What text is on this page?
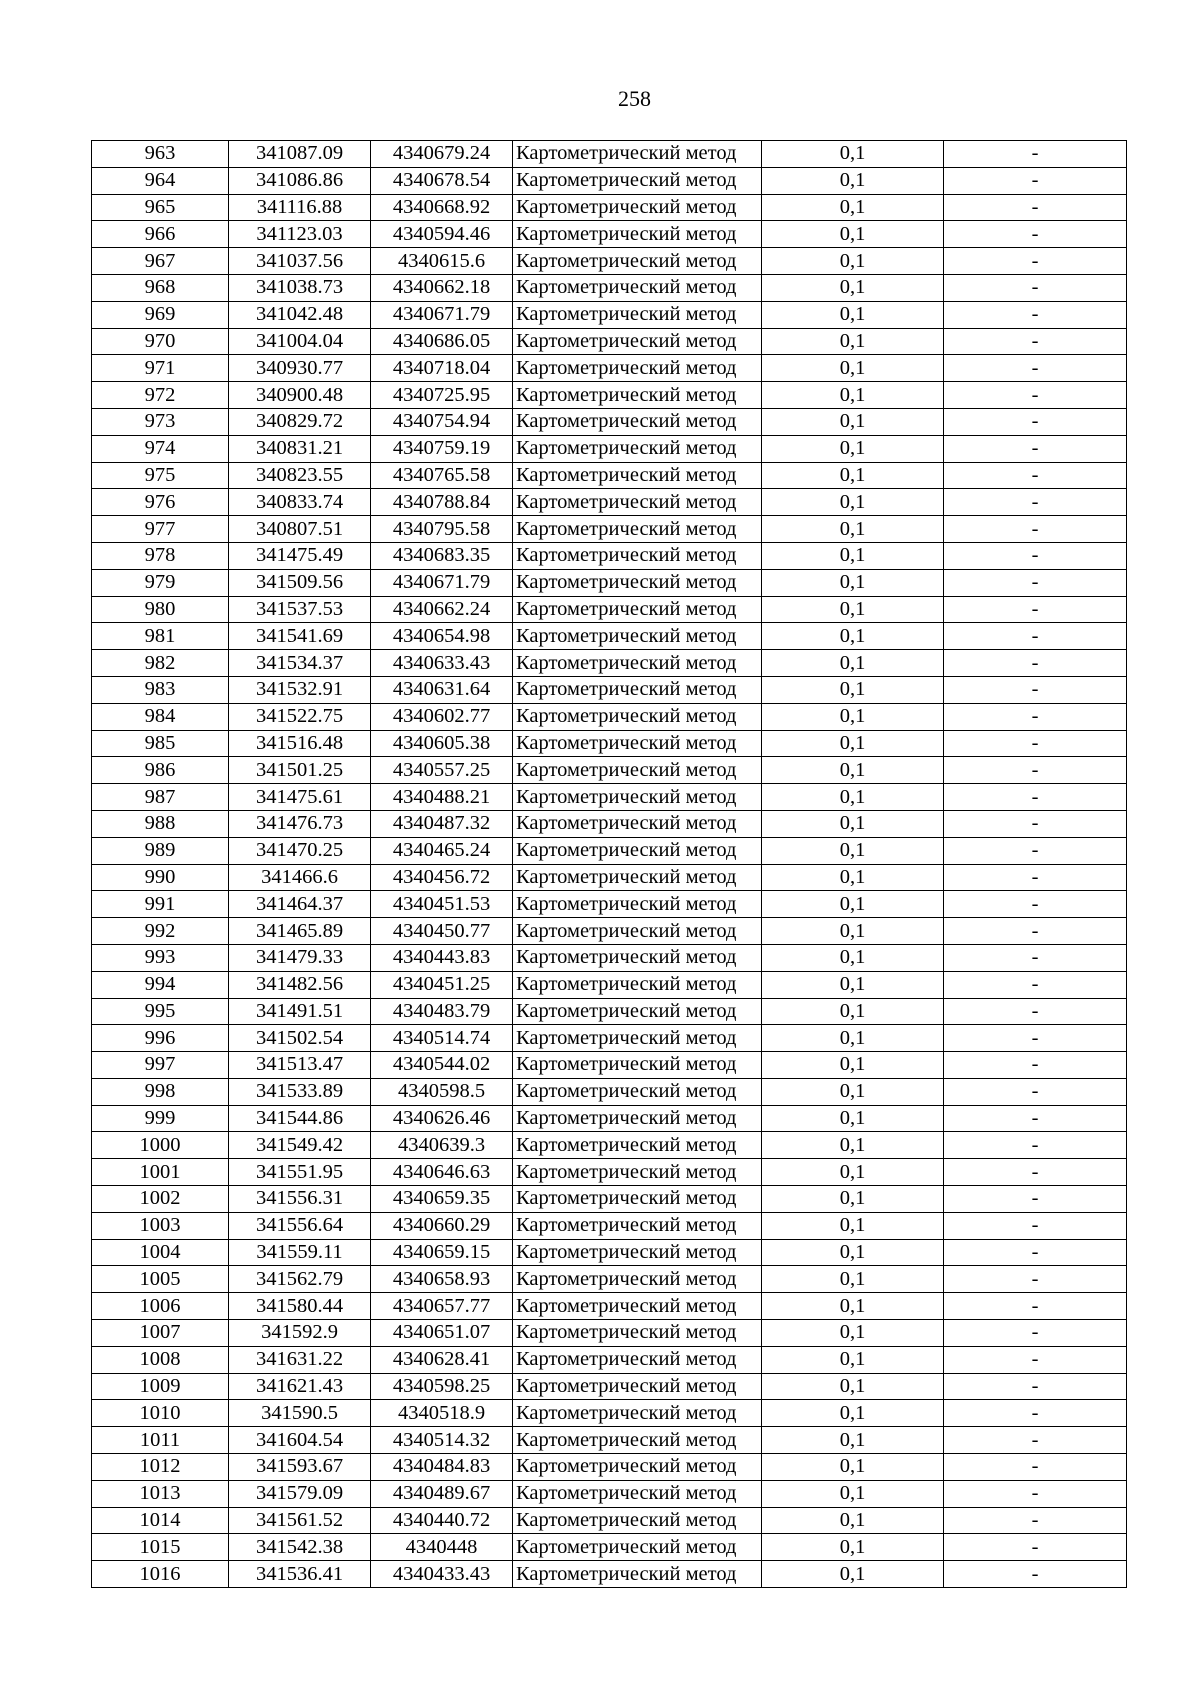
258
963	341087.09	4340679.24	Картометрический метод	0,1	-
964	341086.86	4340678.54	Картометрический метод	0,1	-
965	341116.88	4340668.92	Картометрический метод	0,1	-
966	341123.03	4340594.46	Картометрический метод	0,1	-
967	341037.56	4340615.6	Картометрический метод	0,1	-
968	341038.73	4340662.18	Картометрический метод	0,1	-
969	341042.48	4340671.79	Картометрический метод	0,1	-
970	341004.04	4340686.05	Картометрический метод	0,1	-
971	340930.77	4340718.04	Картометрический метод	0,1	-
972	340900.48	4340725.95	Картометрический метод	0,1	-
973	340829.72	4340754.94	Картометрический метод	0,1	-
974	340831.21	4340759.19	Картометрический метод	0,1	-
975	340823.55	4340765.58	Картометрический метод	0,1	-
976	340833.74	4340788.84	Картометрический метод	0,1	-
977	340807.51	4340795.58	Картометрический метод	0,1	-
978	341475.49	4340683.35	Картометрический метод	0,1	-
979	341509.56	4340671.79	Картометрический метод	0,1	-
980	341537.53	4340662.24	Картометрический метод	0,1	-
981	341541.69	4340654.98	Картометрический метод	0,1	-
982	341534.37	4340633.43	Картометрический метод	0,1	-
983	341532.91	4340631.64	Картометрический метод	0,1	-
984	341522.75	4340602.77	Картометрический метод	0,1	-
985	341516.48	4340605.38	Картометрический метод	0,1	-
986	341501.25	4340557.25	Картометрический метод	0,1	-
987	341475.61	4340488.21	Картометрический метод	0,1	-
988	341476.73	4340487.32	Картометрический метод	0,1	-
989	341470.25	4340465.24	Картометрический метод	0,1	-
990	341466.6	4340456.72	Картометрический метод	0,1	-
991	341464.37	4340451.53	Картометрический метод	0,1	-
992	341465.89	4340450.77	Картометрический метод	0,1	-
993	341479.33	4340443.83	Картометрический метод	0,1	-
994	341482.56	4340451.25	Картометрический метод	0,1	-
995	341491.51	4340483.79	Картометрический метод	0,1	-
996	341502.54	4340514.74	Картометрический метод	0,1	-
997	341513.47	4340544.02	Картометрический метод	0,1	-
998	341533.89	4340598.5	Картометрический метод	0,1	-
999	341544.86	4340626.46	Картометрический метод	0,1	-
1000	341549.42	4340639.3	Картометрический метод	0,1	-
1001	341551.95	4340646.63	Картометрический метод	0,1	-
1002	341556.31	4340659.35	Картометрический метод	0,1	-
1003	341556.64	4340660.29	Картометрический метод	0,1	-
1004	341559.11	4340659.15	Картометрический метод	0,1	-
1005	341562.79	4340658.93	Картометрический метод	0,1	-
1006	341580.44	4340657.77	Картометрический метод	0,1	-
1007	341592.9	4340651.07	Картометрический метод	0,1	-
1008	341631.22	4340628.41	Картометрический метод	0,1	-
1009	341621.43	4340598.25	Картометрический метод	0,1	-
1010	341590.5	4340518.9	Картометрический метод	0,1	-
1011	341604.54	4340514.32	Картометрический метод	0,1	-
1012	341593.67	4340484.83	Картометрический метод	0,1	-
1013	341579.09	4340489.67	Картометрический метод	0,1	-
1014	341561.52	4340440.72	Картометрический метод	0,1	-
1015	341542.38	4340448	Картометрический метод	0,1	-
1016	341536.41	4340433.43	Картометрический метод	0,1	-
